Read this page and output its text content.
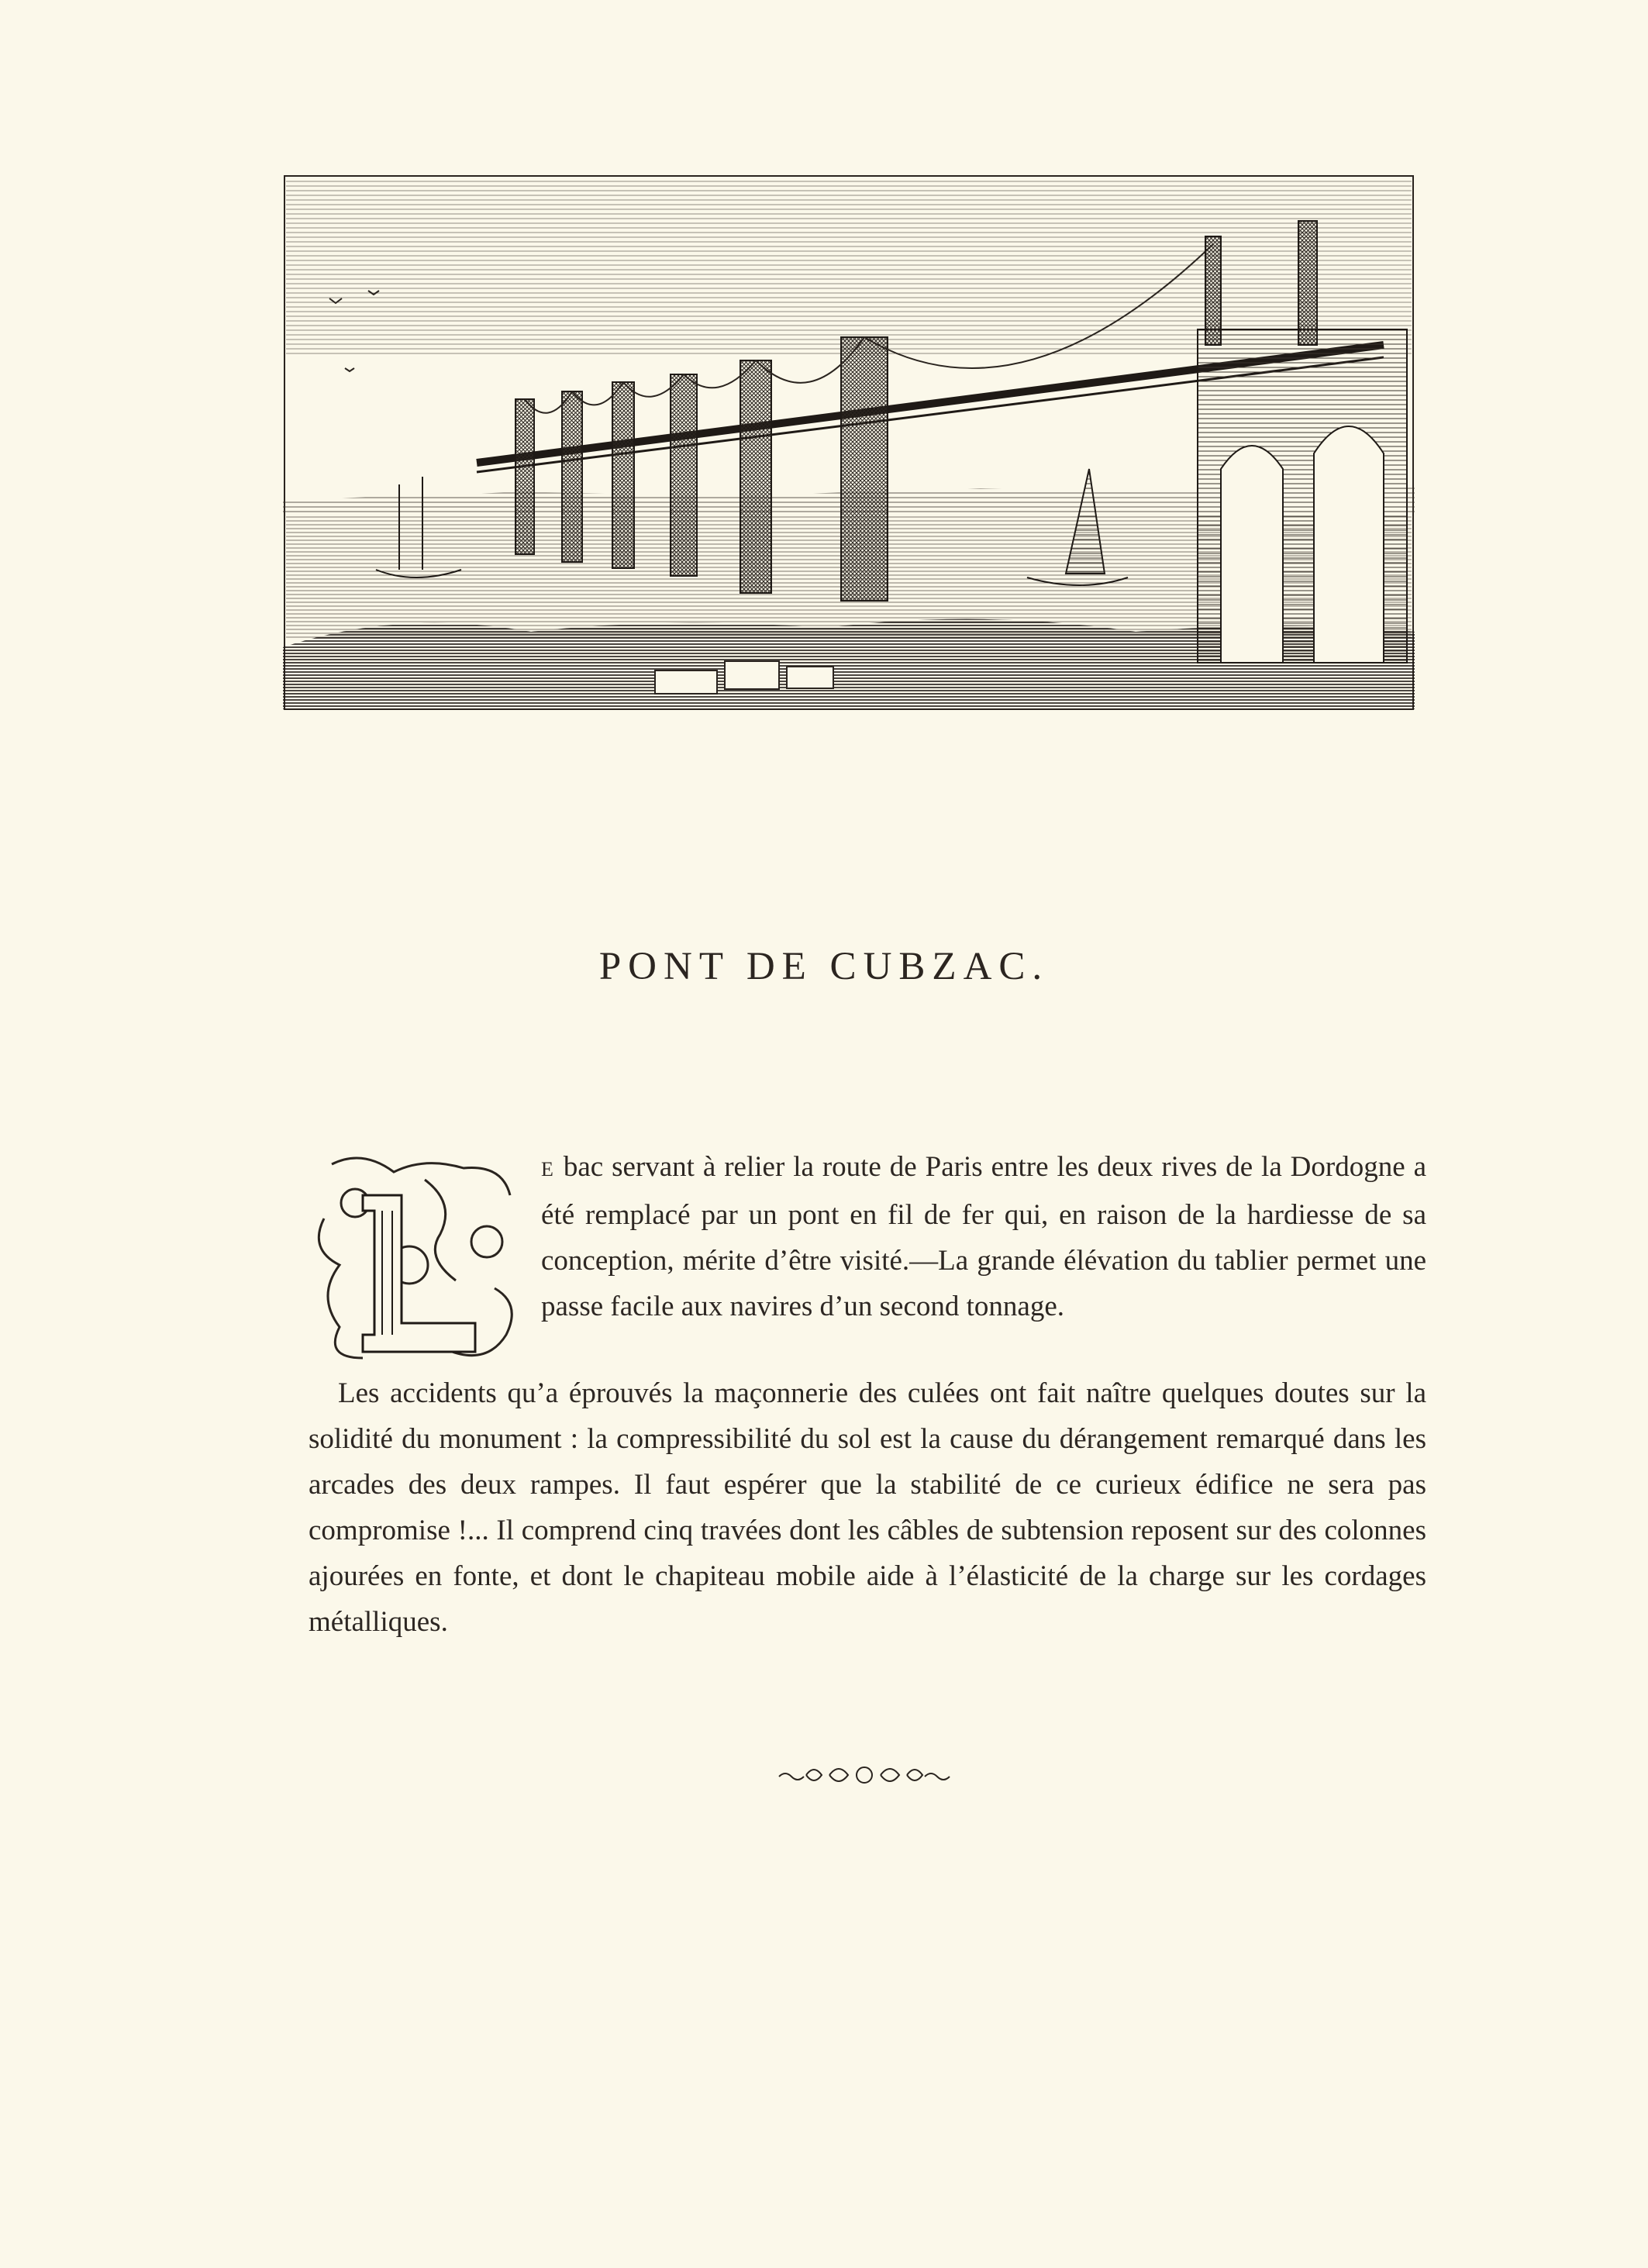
PONT DE CUBZAC.

E bac servant à relier la route de Paris entre les deux rives de la Dordogne a été remplacé par un pont en fil de fer qui, en raison de la hardiesse de sa conception, mérite d’être visité.—La grande élévation du tablier permet une passe facile aux navires d’un second tonnage.

Les accidents qu’a éprouvés la maçonnerie des culées ont fait naître quelques doutes sur la solidité du monument : la compressibilité du sol est la cause du dérangement remarqué dans les arcades des deux rampes. Il faut espérer que la stabilité de ce curieux édifice ne sera pas compromise !... Il comprend cinq travées dont les câbles de subtension reposent sur des colonnes ajourées en fonte, et dont le chapiteau mobile aide à l’élasticité de la charge sur les cordages métalliques.
